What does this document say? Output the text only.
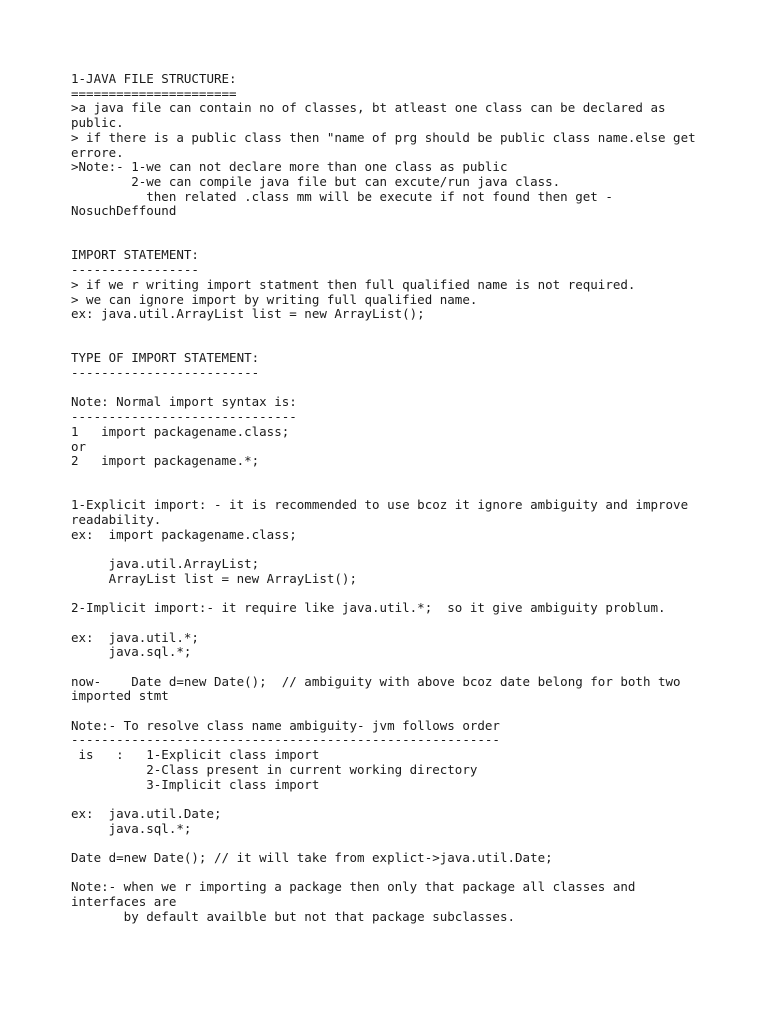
1-JAVA FILE STRUCTURE:
======================
>a java file can contain no of classes, bt atleast one class can be declared as
public.
> if there is a public class then "name of prg should be public class name.else get
errore.
>Note:- 1-we can not declare more than one class as public
2-we can compile java file but can excute/run java class.
then related .class mm will be execute if not found then get -
NosuchDeffound
IMPORT STATEMENT:
-----------------
> if we r writing import statment then full qualified name is not required.
> we can ignore import by writing full qualified name.
ex: java.util.ArrayList list = new ArrayList();
TYPE OF IMPORT STATEMENT:
-------------------------
Note: Normal import syntax is:
------------------------------
1   import packagename.class;
or
2   import packagename.*;
1-Explicit import: - it is recommended to use bcoz it ignore ambiguity and improve
readability.
ex:  import packagename.class;
java.util.ArrayList;
ArrayList list = new ArrayList();
2-Implicit import:- it require like java.util.*;  so it give ambiguity problum.
ex:  java.util.*;
java.sql.*;
now-    Date d=new Date();  // ambiguity with above bcoz date belong for both two
imported stmt
Note:- To resolve class name ambiguity- jvm follows order
---------------------------------------------------------
is   :   1-Explicit class import
2-Class present in current working directory
3-Implicit class import
ex:  java.util.Date;
java.sql.*;
Date d=new Date(); // it will take from explict->java.util.Date;
Note:- when we r importing a package then only that package all classes and
interfaces are
by default availble but not that package subclasses.
